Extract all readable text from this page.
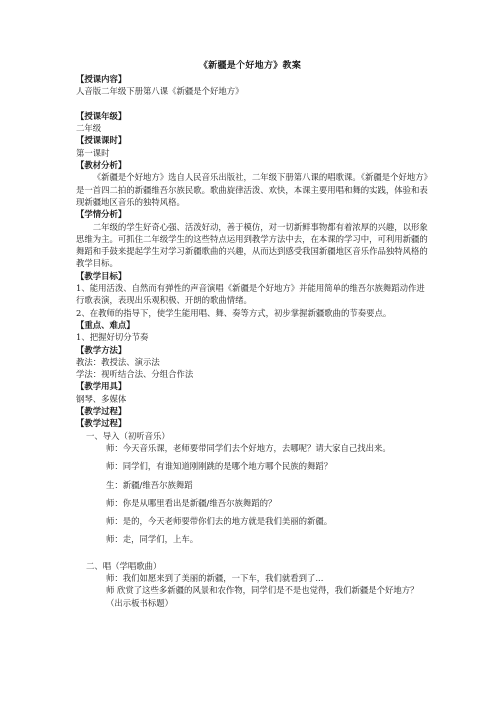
《新疆是个好地方》教案

【授课内容】

人音版二年级下册第八课《新疆是个好地方》

【授课年级】

二年级

【授课课时】

第一课时

【教材分析】

《新疆是个好地方》选自人民音乐出版社，二年级下册第八课的唱歌课。《新疆是个好地方》是一首四二拍的新疆维吾尔族民歌。歌曲旋律活泼、欢快，本课主要用唱和舞的实践，体验和表现新疆地区音乐的独特风格。

【学情分析】

二年级的学生好奇心强、活泼好动，善于模仿，对一切新鲜事物都有着浓厚的兴趣，以形象思维为主。可抓住二年级学生的这些特点运用到教学方法中去，在本课的学习中，可利用新疆的舞蹈和手鼓来提起学生对学习新疆歌曲的兴趣，从而达到感受我国新疆地区音乐作品独特风格的教学目标。

【教学目标】

1、能用活泼、自然而有弹性的声音演唱《新疆是个好地方》并能用简单的维吾尔族舞蹈动作进行歌表演，表现出乐观积极、开朗的歌曲情绪。

2、在教师的指导下，使学生能用唱、舞、奏等方式，初步掌握新疆歌曲的节奏要点。

【重点、难点】

1、把握好切分节奏

【教学方法】

教法：教授法、演示法

学法：视听结合法、分组合作法

【教学用具】

钢琴、多媒体

【教学过程】

【教学过程】

一、导入（初听音乐）

师：今天音乐课，老师要带同学们去个好地方，去哪呢？请大家自己找出来。

师：同学们，有谁知道刚刚跳的是哪个地方哪个民族的舞蹈？

生：新疆/维吾尔族舞蹈

师：你是从哪里看出是新疆/维吾尔族舞蹈的？

师：是的，今天老师要带你们去的地方就是我们美丽的新疆。

师：走，同学们，上车。

二、唱（学唱歌曲）

师：我们如愿来到了美丽的新疆，一下车，我们就看到了...

师 欣赏了这些多新疆的风景和农作物，同学们是不是也觉得，我们新疆是个好地方？（出示板书标题）
